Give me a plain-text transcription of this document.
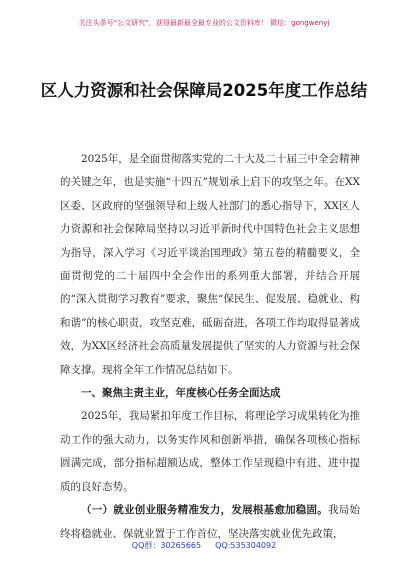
关注头条号“公文研究”，获得最新最全最专业的公文资料库！ 微信：gongwenyj
区人力资源和社会保障局2025年度工作总结

2025年，是全面贯彻落实党的二十大及二十届三中全会精神的关键之年，也是实施“十四五”规划承上启下的攻坚之年。在XX区委、区政府的坚强领导和上级人社部门的悉心指导下，XX区人力资源和社会保障局坚持以习近平新时代中国特色社会主义思想为指导，深入学习《习近平谈治国理政》第五卷的精髓要义，全面贯彻党的二十届四中全会作出的系列重大部署，并结合开展的“深入贯彻学习教育”要求，聚焦“保民生、促发展、稳就业、构和谐”的核心职责，攻坚克难，砥砺奋进，各项工作均取得显著成效，为XX区经济社会高质量发展提供了坚实的人力资源与社会保障支撑。现将全年工作情况总结如下。

一、聚焦主责主业，年度核心任务全面达成

2025年，我局紧扣年度工作目标，将理论学习成果转化为推动工作的强大动力，以务实作风和创新举措，确保各项核心指标圆满完成，部分指标超额达成，整体工作呈现稳中有进、进中提质的良好态势。

（一）就业创业服务精准发力，发展根基愈加稳固。我局始终将稳就业、保就业置于工作首位，坚决落实就业优先政策，

QQ群：30265665 QQ:535304092
